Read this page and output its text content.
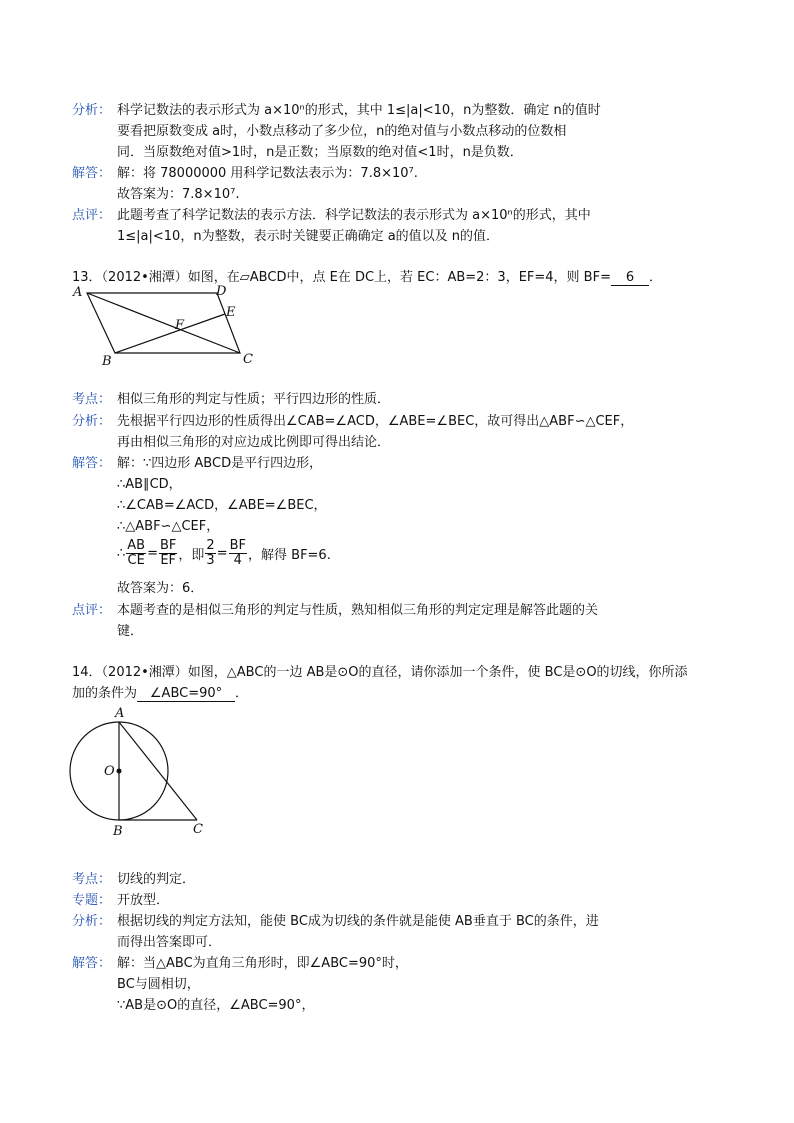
分析： 科学记数法的表示形式为 a×10ⁿ的形式，其中 1≤|a|<10，n为整数．确定 n的值时
要看把原数变成 a时，小数点移动了多少位，n的绝对值与小数点移动的位数相
同．当原数绝对值>1时，n是正数；当原数的绝对值<1时，n是负数．
解答： 解：将 78000000 用科学记数法表示为：7.8×10⁷.
故答案为：7.8×10⁷.
点评： 此题考查了科学记数法的表示方法．科学记数法的表示形式为 a×10ⁿ的形式，其中
1≤|a|<10，n为整数，表示时关键要正确确定 a的值以及 n的值．
13．（2012•湘潭）如图，在▱ABCD中，点 E在 DC上，若 EC：AB=2：3，EF=4，则 BF= 6 ．
A	D
E
F
B	C
考点： 相似三角形的判定与性质；平行四边形的性质．
分析： 先根据平行四边形的性质得出∠CAB=∠ACD，∠ABE=∠BEC，故可得出△ABF∽△CEF，
再由相似三角形的对应边成比例即可得出结论．
解答： 解：∵四边形 ABCD是平行四边形，
∴AB∥CD，
∴∠CAB=∠ACD，∠ABE=∠BEC，
∴△ABF∽△CEF，
∴ $\frac{AB}{CE} = \frac{BF}{EF}$ ，即 $\frac{2}{3} = \frac{BF}{4}$ ，解得 BF=6.
故答案为：6．
点评： 本题考查的是相似三角形的判定与性质，熟知相似三角形的判定定理是解答此题的关
键．
14．（2012•湘潭）如图，△ABC的一边 AB是⊙O的直径，请你添加一个条件，使 BC是⊙O的切线，你所添
加的条件为 ∠ABC=90° ．
A
O
B	C
考点： 切线的判定．
专题： 开放型．
分析： 根据切线的判定方法知，能使 BC成为切线的条件就是能使 AB垂直于 BC的条件，进
而得出答案即可．
解答： 解：当△ABC为直角三角形时，即∠ABC=90°时，
BC与圆相切，
∵AB是⊙O的直径，∠ABC=90°，
